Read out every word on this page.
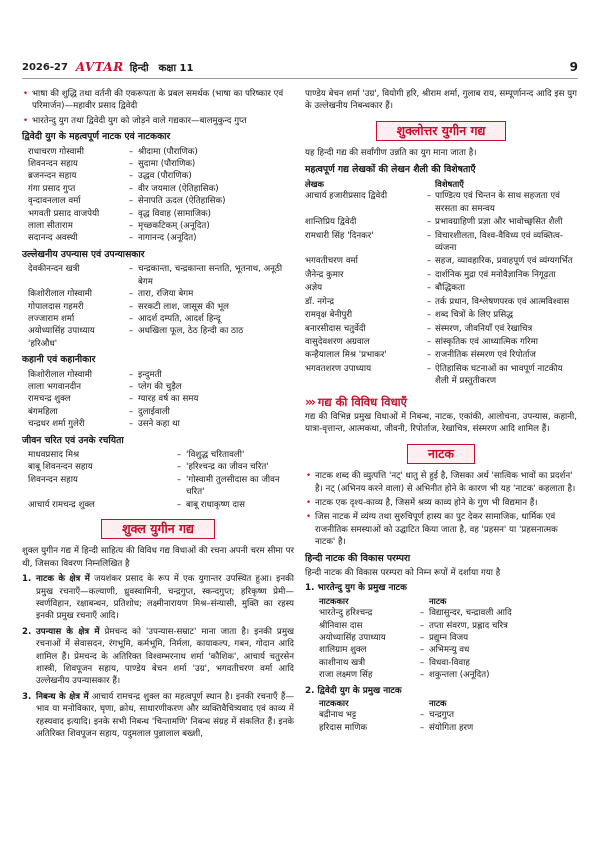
2026-27 AVTAR हिन्दी कक्षा 11	9
• भाषा की शुद्धि तथा वर्तनी की एकरूपता के प्रबल समर्थक (भाषा का परिष्कार एवं परिमार्जन)—महावीर प्रसाद द्विवेदी
• भारतेन्दु युग तथा द्विवेदी युग को जोड़ने वाले गद्यकार—बालमुकुन्द गुप्त
द्विवेदी युग के महत्वपूर्ण नाटक एवं नाटककार
राधाचरण गोस्वामी	– श्रीदामा (पौराणिक)
शिवनन्दन सहाय	– सुदामा (पौराणिक)
ब्रजनन्दन सहाय	– उद्धव (पौराणिक)
गंगा प्रसाद गुप्त	– वीर जयमाल (ऐतिहासिक)
वृन्दावनलाल वर्मा	– सेनापति ऊदल (ऐतिहासिक)
भगवती प्रसाद वाजपेयी	– वृद्ध विवाह (सामाजिक)
लाला सीताराम	– मृच्छकटिकम् (अनूदित)
सदानन्द अवस्थी	– नागानन्द (अनूदित)
उल्लेखनीय उपन्यास एवं उपन्यासकार
देवकीनन्दन खत्री	– चन्द्रकान्ता, चन्द्रकान्ता सन्तति, भूतनाथ, अनूठी बेगम
किशोरीलाल गोस्वामी	– तारा, रजिया बेगम
गोपालदास गहमरी	– सरकटी लाश, जासूस की भूल
लज्जाराम शर्मा	– आदर्श दम्पति, आदर्श हिन्दू
अयोध्यासिंह उपाध्याय 'हरिऔध'
– अधखिला फूल, ठेठ हिन्दी का ठाठ
कहानी एवं कहानीकार
किशोरीलाल गोस्वामी	– इन्दुमती
लाला भगवानदीन	– प्लेग की चुड़ैल
रामचन्द्र शुक्ल	– ग्यारह वर्ष का समय
बंगमहिला	– दुलाईवाली
चन्द्रधर शर्मा गुलेरी	– उसने कहा था
जीवन चरित एवं उनके रचयिता
माधवप्रसाद मिश्र	– 'विशुद्ध चरितावली'
बाबू शिवनन्दन सहाय	– 'हरिश्चन्द्र का जीवन चरित'
शिवनन्दन सहाय	– 'गोस्वामी तुलसीदास का जीवन चरित'
आचार्य रामचन्द्र शुक्ल	– बाबू राधाकृष्ण दास
शुक्ल युगीन गद्य
शुक्ल युगीन गद्य में हिन्दी साहित्य की विविध गद्य विधाओं की रचना अपनी चरम सीमा पर थी, जिसका विवरण निम्नलिखित है
1. नाटक के क्षेत्र में जयशंकर प्रसाद के रूप में एक युगान्तर उपस्थित हुआ। इनकी प्रमुख रचनाएँ—कल्याणी, ध्रुवस्वामिनी, चन्द्रगुप्त, स्कन्दगुप्त; हरिकृष्ण प्रेमी— स्वर्णविहान, रक्षाबन्धन, प्रतिशोध; लक्ष्मीनारायण मिश्र–संन्यासी, मुक्ति का रहस्य इनकी प्रमुख रचनाएँ आदि।
2. उपन्यास के क्षेत्र में प्रेमचन्द को 'उपन्यास-सम्राट' माना जाता है। इनकी प्रमुख रचनाओं में सेवासदन, रंगभूमि, कर्मभूमि, निर्मला, कायाकल्प, गबन, गोदान आदि शामिल हैं। प्रेमचन्द के अतिरिक्त विश्वम्भरनाथ शर्मा 'कौशिक', आचार्य चतुरसेन शास्त्री, शिवपूजन सहाय, पाण्डेय बेचन शर्मा 'उग्र', भगवतीचरण वर्मा आदि उल्लेखनीय उपन्यासकार हैं।
3. निबन्ध के क्षेत्र में आचार्य रामचन्द्र शुक्ल का महत्वपूर्ण स्थान है। इनकी रचनाएँ हैं—भाव या मनोविकार, घृणा, क्रोध, साधारणीकरण और व्यक्तिवैचित्र्यवाद एवं काव्य में रहस्यवाद इत्यादि। इनके सभी निबन्ध 'चिन्तामणि' निबन्ध संग्रह में संकलित हैं। इनके अतिरिक्त शिवपूजन सहाय, पदुमलाल पुन्नालाल बख्शी,
पाण्डेय बेचन शर्मा 'उग्र', वियोगी हरि, श्रीराम शर्मा, गुलाब राय, सम्पूर्णानन्द आदि इस युग के उल्लेखनीय निबन्धकार हैं।
शुक्लोत्तर युगीन गद्य
यह हिन्दी गद्य की सर्वांगीण उन्नति का युग माना जाता है।
महत्वपूर्ण गद्य लेखकों की लेखन शैली की विशेषताएँ
लेखक	विशेषताएँ
आचार्य हजारीप्रसाद द्विवेदी	– पाण्डित्य एवं चिन्तन के साथ सहजता एवं सरसता का समन्वय
शान्तिप्रिय द्विवेदी	– प्रभावग्राहिणी प्रज्ञा और भावोच्छ्वसित शैली
रामधारी सिंह 'दिनकर'	– विचारशीलता, विश्व-वैविध्य एवं व्यक्तित्व-व्यंजना
भगवतीचरण वर्मा	– सहज, व्यावहारिक, प्रवाहपूर्ण एवं व्यंग्यगर्भित
जैनेन्द्र कुमार	– दार्शनिक मुद्रा एवं मनोवैज्ञानिक निगूढ़ता
अज्ञेय	– बौद्धिकता
डॉ. नगेन्द्र	– तर्क प्रधान, विश्लेषणपरक एवं आत्मविश्वास
रामवृक्ष बेनीपुरी	– शब्द चित्रों के लिए प्रसिद्ध
बनारसीदास चतुर्वेदी	– संस्मरण, जीवनियाँ एवं रेखाचित्र
वासुदेवशरण अग्रवाल	– सांस्कृतिक एवं आध्यात्मिक गरिमा
कन्हैयालाल मिश्र 'प्रभाकर'	– राजनीतिक संस्मरण एवं रिपोर्ताज
भगवतशरण उपाध्याय	– ऐतिहासिक घटनाओं का भावपूर्ण नाटकीय शैली में प्रस्तुतीकरण
››› गद्य की विविध विधाएँ
गद्य की विभिन्न प्रमुख विधाओं में निबन्ध, नाटक, एकांकी, आलोचना, उपन्यास, कहानी, यात्रा-वृत्तान्त, आत्मकथा, जीवनी, रिपोर्ताज, रेखाचित्र, संस्मरण आदि शामिल हैं।
नाटक
• नाटक शब्द की व्युत्पत्ति 'नट्' धातु से हुई है, जिसका अर्थ 'सात्विक भावों का प्रदर्शन' है। नट् (अभिनय करने वाला) से अभिनीत होने के कारण भी यह 'नाटक' कहलाता है।
• नाटक एक दृश्य-काव्य है, जिसमें श्रव्य काव्य होने के गुण भी विद्यमान हैं।
• जिस नाटक में व्यंग्य तथा सुरुचिपूर्ण हास्य का पुट देकर सामाजिक, धार्मिक एवं राजनीतिक समस्याओं को उद्घाटित किया जाता है, वह 'प्रहसन' या 'प्रहसनात्मक नाटक' है।
हिन्दी नाटक की विकास परम्परा
हिन्दी नाटक की विकास परम्परा को निम्न रूपों में दर्शाया गया है
1. भारतेन्दु युग के प्रमुख नाटक
नाटककार	नाटक
भारतेन्दु हरिश्चन्द्र	– विद्यासुन्दर, चन्द्रावली आदि
श्रीनिवास दास	– तप्ता संवरण, प्रह्लाद चरित्र
अयोध्यासिंह उपाध्याय	– प्रद्युम्न विजय
शालिग्राम शुक्ल	– अभिमन्यु वध
काशीनाथ खत्री	– विधवा-विवाह
राजा लक्ष्मण सिंह	– शकुन्तला (अनूदित)
2. द्विवेदी युग के प्रमुख नाटक
नाटककार	नाटक
बद्रीनाथ भट्ट	– चन्द्रगुप्त
हरिदास माणिक	– संयोगिता हरण
